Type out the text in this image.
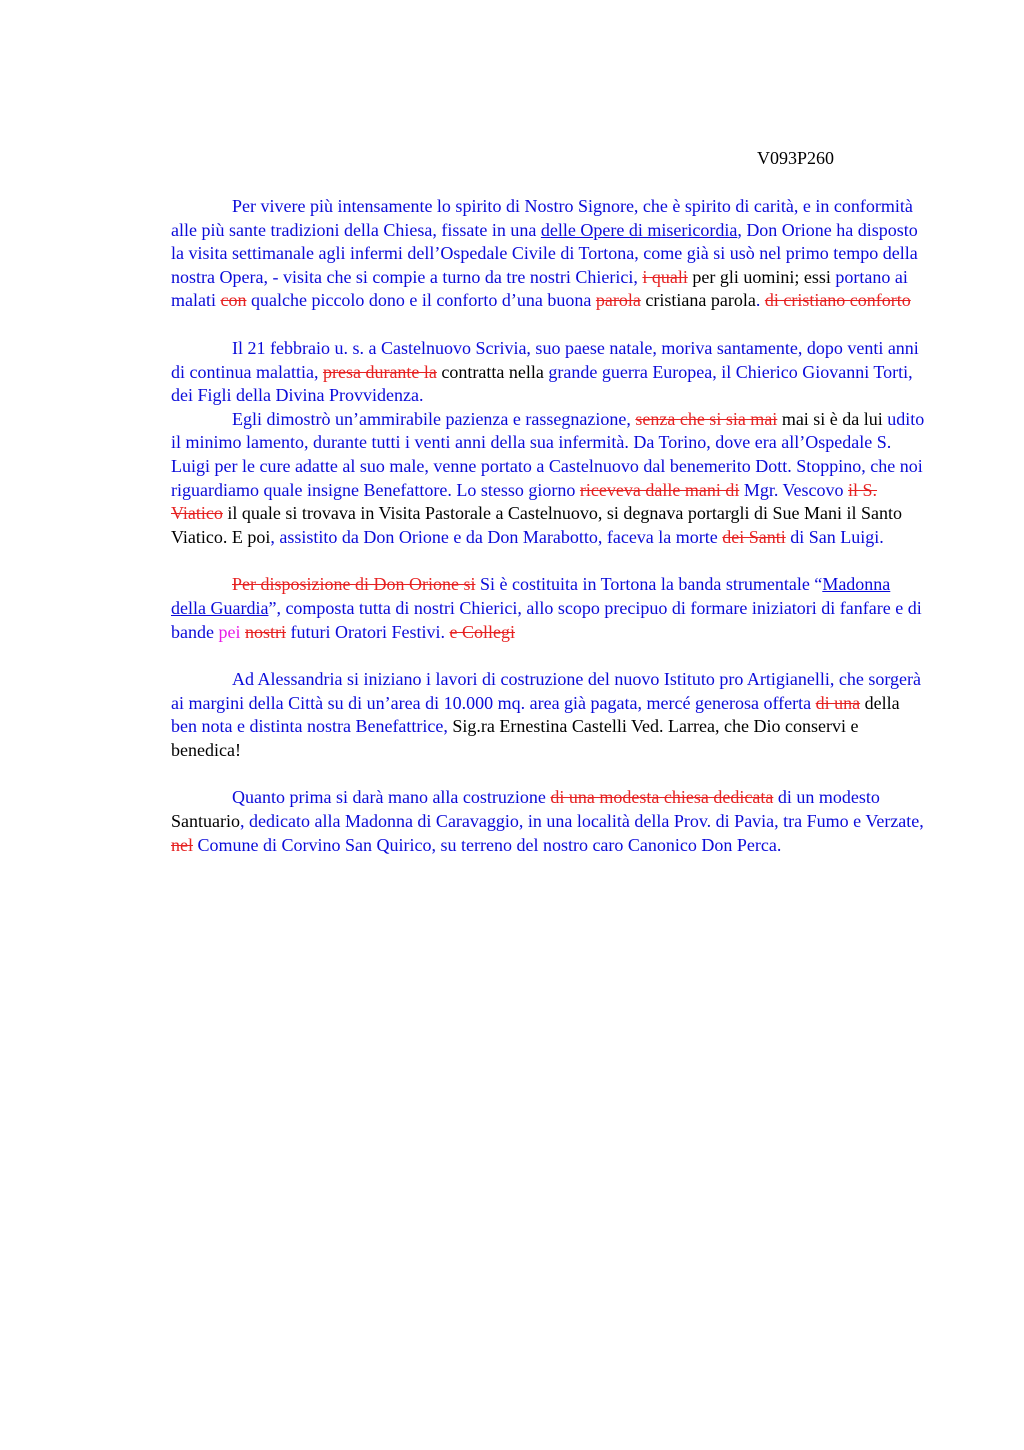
V093P260

Per vivere più intensamente lo spirito di Nostro Signore, che è spirito di carità, e in conformità alle più sante tradizioni della Chiesa, fissate in una delle Opere di misericordia, Don Orione ha disposto la visita settimanale agli infermi dell’Ospedale Civile di Tortona, come già si usò nel primo tempo della nostra Opera, - visita che si compie a turno da tre nostri Chierici, i quali per gli uomini; essi portano ai malati con qualche piccolo dono e il conforto d’una buona parola cristiana parola. di cristiano conforto

Il 21 febbraio u. s. a Castelnuovo Scrivia, suo paese natale, moriva santamente, dopo venti anni di continua malattia, presa durante la contratta nella grande guerra Europea, il Chierico Giovanni Torti, dei Figli della Divina Provvidenza.

Egli dimostrò un’ammirabile pazienza e rassegnazione, senza che si sia mai mai si è da lui udito il minimo lamento, durante tutti i venti anni della sua infermità. Da Torino, dove era all’Ospedale S. Luigi per le cure adatte al suo male, venne portato a Castelnuovo dal benemerito Dott. Stoppino, che noi riguardiamo quale insigne Benefattore. Lo stesso giorno riceveva dalle mani di Mgr. Vescovo il S. Viatico il quale si trovava in Visita Pastorale a Castelnuovo, si degnava portargli di Sue Mani il Santo Viatico. E poi, assistito da Don Orione e da Don Marabotto, faceva la morte dei Santi di San Luigi.

Per disposizione di Don Orione si Si è costituita in Tortona la banda strumentale “Madonna della Guardia”, composta tutta di nostri Chierici, allo scopo precipuo di formare iniziatori di fanfare e di bande pei nostri futuri Oratori Festivi. e Collegi

Ad Alessandria si iniziano i lavori di costruzione del nuovo Istituto pro Artigianelli, che sorgerà ai margini della Città su di un’area di 10.000 mq. area già pagata, mercé generosa offerta di una della ben nota e distinta nostra Benefattrice, Sig.ra Ernestina Castelli Ved. Larrea, che Dio conservi e benedica!

Quanto prima si darà mano alla costruzione di una modesta chiesa dedicata di un modesto Santuario, dedicato alla Madonna di Caravaggio, in una località della Prov. di Pavia, tra Fumo e Verzate, nel Comune di Corvino San Quirico, su terreno del nostro caro Canonico Don Perca.
